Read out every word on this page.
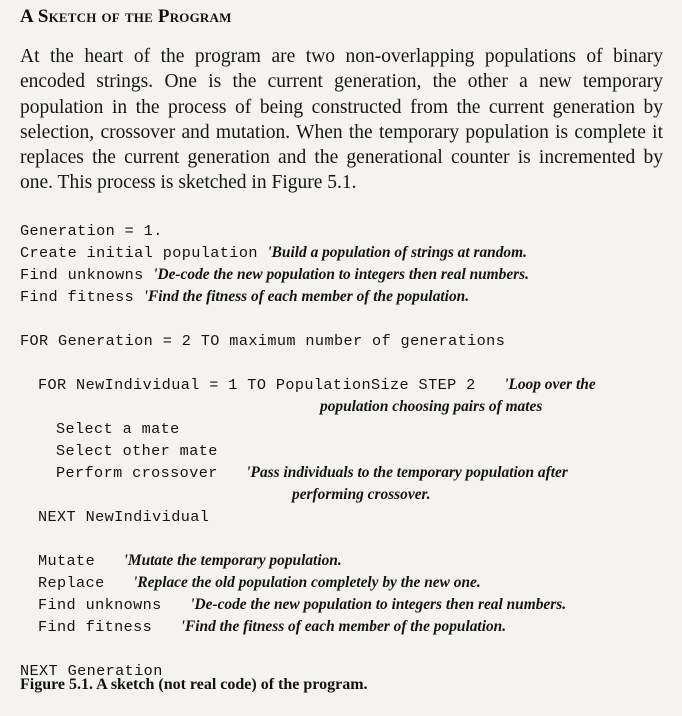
A Sketch of the Program
At the heart of the program are two non-overlapping populations of binary encoded strings. One is the current generation, the other a new temporary population in the process of being constructed from the current generation by selection, crossover and mutation. When the temporary population is complete it replaces the current generation and the generational counter is incremented by one. This process is sketched in Figure 5.1.
Generation = 1.
Create initial population 'Build a population of strings at random.
Find unknowns 'De-code the new population to integers then real numbers.
Find fitness 'Find the fitness of each member of the population.
FOR Generation = 2 TO maximum number of generations
FOR NewIndividual = 1 TO PopulationSize STEP 2   'Loop over the
population choosing pairs of mates
Select a mate
Select other mate
Perform crossover   'Pass individuals to the temporary population after
performing crossover.
NEXT NewIndividual
Mutate   'Mutate the temporary population.
Replace   'Replace the old population completely by the new one.
Find unknowns   'De-code the new population to integers then real numbers.
Find fitness   'Find the fitness of each member of the population.
NEXT Generation
Figure 5.1. A sketch (not real code) of the program.
